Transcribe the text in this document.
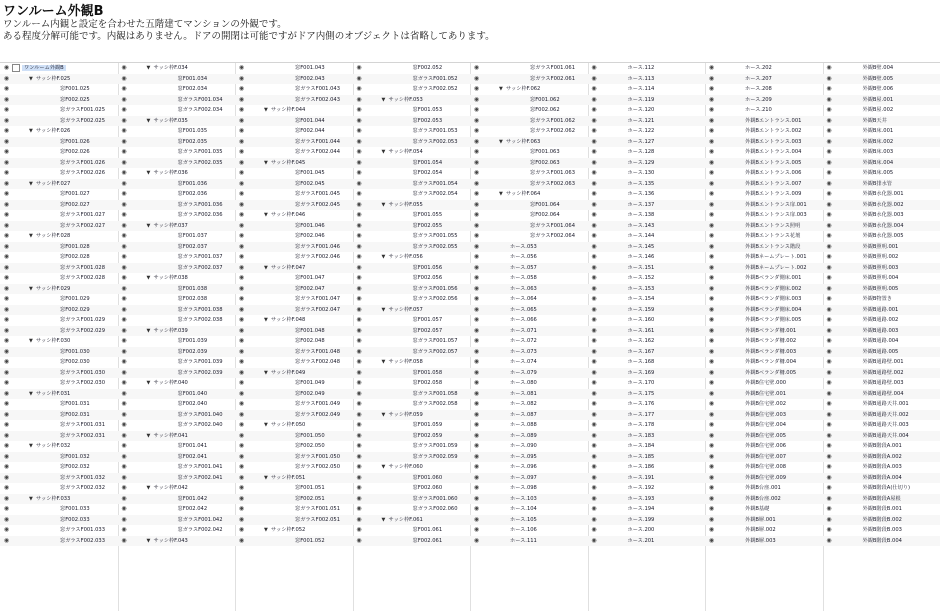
ワンルーム外観B
ワンルーム内観と設定を合わせた五階建てマンションの外観です。
ある程度分解可能です。内観はありません。ドアの開閉は可能ですがドア内側のオブジェクトは省略してあります。
◉	ワンルーム外観B
◉	▼ サッシ枠F.025
◉	窓F001.025
◉	窓F002.025
◉	窓ガラスF001.025
◉	窓ガラスF002.025
◉	▼ サッシ枠F.026
◉	窓F001.026
◉	窓F002.026
◉	窓ガラスF001.026
◉	窓ガラスF002.026
◉	▼ サッシ枠F.027
◉	窓F001.027
◉	窓F002.027
◉	窓ガラスF001.027
◉	窓ガラスF002.027
◉	▼ サッシ枠F.028
◉	窓F001.028
◉	窓F002.028
◉	窓ガラスF001.028
◉	窓ガラスF002.028
◉	▼ サッシ枠F.029
◉	窓F001.029
◉	窓F002.029
◉	窓ガラスF001.029
◉	窓ガラスF002.029
◉	▼ サッシ枠F.030
◉	窓F001.030
◉	窓F002.030
◉	窓ガラスF001.030
◉	窓ガラスF002.030
◉	▼ サッシ枠F.031
◉	窓F001.031
◉	窓F002.031
◉	窓ガラスF001.031
◉	窓ガラスF002.031
◉	▼ サッシ枠F.032
◉	窓F001.032
◉	窓F002.032
◉	窓ガラスF001.032
◉	窓ガラスF002.032
◉	▼ サッシ枠F.033
◉	窓F001.033
◉	窓F002.033
◉	窓ガラスF001.033
◉	窓ガラスF002.033
◉	▼ サッシ枠F.034
◉	窓F001.034
◉	窓F002.034
◉	窓ガラスF001.034
◉	窓ガラスF002.034
◉	▼ サッシ枠F.035
◉	窓F001.035
◉	窓F002.035
◉	窓ガラスF001.035
◉	窓ガラスF002.035
◉	▼ サッシ枠F.036
◉	窓F001.036
◉	窓F002.036
◉	窓ガラスF001.036
◉	窓ガラスF002.036
◉	▼ サッシ枠F.037
◉	窓F001.037
◉	窓F002.037
◉	窓ガラスF001.037
◉	窓ガラスF002.037
◉	▼ サッシ枠F.038
◉	窓F001.038
◉	窓F002.038
◉	窓ガラスF001.038
◉	窓ガラスF002.038
◉	▼ サッシ枠F.039
◉	窓F001.039
◉	窓F002.039
◉	窓ガラスF001.039
◉	窓ガラスF002.039
◉	▼ サッシ枠F.040
◉	窓F001.040
◉	窓F002.040
◉	窓ガラスF001.040
◉	窓ガラスF002.040
◉	▼ サッシ枠F.041
◉	窓F001.041
◉	窓F002.041
◉	窓ガラスF001.041
◉	窓ガラスF002.041
◉	▼ サッシ枠F.042
◉	窓F001.042
◉	窓F002.042
◉	窓ガラスF001.042
◉	窓ガラスF002.042
◉	▼ サッシ枠F.043
◉	窓F001.043
◉	窓F002.043
◉	窓ガラスF001.043
◉	窓ガラスF002.043
◉	▼ サッシ枠F.044
◉	窓F001.044
◉	窓F002.044
◉	窓ガラスF001.044
◉	窓ガラスF002.044
◉	▼ サッシ枠F.045
◉	窓F001.045
◉	窓F002.045
◉	窓ガラスF001.045
◉	窓ガラスF002.045
◉	▼ サッシ枠F.046
◉	窓F001.046
◉	窓F002.046
◉	窓ガラスF001.046
◉	窓ガラスF002.046
◉	▼ サッシ枠F.047
◉	窓F001.047
◉	窓F002.047
◉	窓ガラスF001.047
◉	窓ガラスF002.047
◉	▼ サッシ枠F.048
◉	窓F001.048
◉	窓F002.048
◉	窓ガラスF001.048
◉	窓ガラスF002.048
◉	▼ サッシ枠F.049
◉	窓F001.049
◉	窓F002.049
◉	窓ガラスF001.049
◉	窓ガラスF002.049
◉	▼ サッシ枠F.050
◉	窓F001.050
◉	窓F002.050
◉	窓ガラスF001.050
◉	窓ガラスF002.050
◉	▼ サッシ枠F.051
◉	窓F001.051
◉	窓F002.051
◉	窓ガラスF001.051
◉	窓ガラスF002.051
◉	▼ サッシ枠F.052
◉	窓F001.052
◉	窓F002.052
◉	窓ガラスF001.052
◉	窓ガラスF002.052
◉	▼ サッシ枠F.053
◉	窓F001.053
◉	窓F002.053
◉	窓ガラスF001.053
◉	窓ガラスF002.053
◉	▼ サッシ枠F.054
◉	窓F001.054
◉	窓F002.054
◉	窓ガラスF001.054
◉	窓ガラスF002.054
◉	▼ サッシ枠F.055
◉	窓F001.055
◉	窓F002.055
◉	窓ガラスF001.055
◉	窓ガラスF002.055
◉	▼ サッシ枠F.056
◉	窓F001.056
◉	窓F002.056
◉	窓ガラスF001.056
◉	窓ガラスF002.056
◉	▼ サッシ枠F.057
◉	窓F001.057
◉	窓F002.057
◉	窓ガラスF001.057
◉	窓ガラスF002.057
◉	▼ サッシ枠F.058
◉	窓F001.058
◉	窓F002.058
◉	窓ガラスF001.058
◉	窓ガラスF002.058
◉	▼ サッシ枠F.059
◉	窓F001.059
◉	窓F002.059
◉	窓ガラスF001.059
◉	窓ガラスF002.059
◉	▼ サッシ枠F.060
◉	窓F001.060
◉	窓F002.060
◉	窓ガラスF001.060
◉	窓ガラスF002.060
◉	▼ サッシ枠F.061
◉	窓F001.061
◉	窓F002.061
◉	窓ガラスF001.061
◉	窓ガラスF002.061
◉	▼ サッシ枠F.062
◉	窓F001.062
◉	窓F002.062
◉	窓ガラスF001.062
◉	窓ガラスF002.062
◉	▼ サッシ枠F.063
◉	窓F001.063
◉	窓F002.063
◉	窓ガラスF001.063
◉	窓ガラスF002.063
◉	▼ サッシ枠F.064
◉	窓F001.064
◉	窓F002.064
◉	窓ガラスF001.064
◉	窓ガラスF002.064
◉	ホース.053
◉	ホース.056
◉	ホース.057
◉	ホース.058
◉	ホース.063
◉	ホース.064
◉	ホース.065
◉	ホース.066
◉	ホース.071
◉	ホース.072
◉	ホース.073
◉	ホース.074
◉	ホース.079
◉	ホース.080
◉	ホース.081
◉	ホース.082
◉	ホース.087
◉	ホース.088
◉	ホース.089
◉	ホース.090
◉	ホース.095
◉	ホース.096
◉	ホース.097
◉	ホース.098
◉	ホース.103
◉	ホース.104
◉	ホース.105
◉	ホース.106
◉	ホース.111
◉	ホース.112
◉	ホース.113
◉	ホース.114
◉	ホース.119
◉	ホース.120
◉	ホース.121
◉	ホース.122
◉	ホース.127
◉	ホース.128
◉	ホース.129
◉	ホース.130
◉	ホース.135
◉	ホース.136
◉	ホース.137
◉	ホース.138
◉	ホース.143
◉	ホース.144
◉	ホース.145
◉	ホース.146
◉	ホース.151
◉	ホース.152
◉	ホース.153
◉	ホース.154
◉	ホース.159
◉	ホース.160
◉	ホース.161
◉	ホース.162
◉	ホース.167
◉	ホース.168
◉	ホース.169
◉	ホース.170
◉	ホース.175
◉	ホース.176
◉	ホース.177
◉	ホース.178
◉	ホース.183
◉	ホース.184
◉	ホース.185
◉	ホース.186
◉	ホース.191
◉	ホース.192
◉	ホース.193
◉	ホース.194
◉	ホース.199
◉	ホース.200
◉	ホース.201
◉	ホース.202
◉	ホース.207
◉	ホース.208
◉	ホース.209
◉	ホース.210
◉	外観Bエントランス.001
◉	外観Bエントランス.002
◉	外観Bエントランス.003
◉	外観Bエントランス.004
◉	外観Bエントランス.005
◉	外観Bエントランス.006
◉	外観Bエントランス.007
◉	外観Bエントランス.009
◉	外観Bエントランス扉.001
◉	外観Bエントランス扉.003
◉	外観Bエントランス照明
◉	外観Bエントランス花壇
◉	外観Bエントランス階段
◉	外観Bネームプレート.001
◉	外観Bネームプレート.002
◉	外観Bベランダ側床.001
◉	外観Bベランダ側床.002
◉	外観Bベランダ側床.003
◉	外観Bベランダ側床.004
◉	外観Bベランダ側床.005
◉	外観Bベランダ柵.001
◉	外観Bベランダ柵.002
◉	外観Bベランダ柵.003
◉	外観Bベランダ柵.004
◉	外観Bベランダ柵.005
◉	外観B住宅壁.000
◉	外観B住宅壁.001
◉	外観B住宅壁.002
◉	外観B住宅壁.003
◉	外観B住宅壁.004
◉	外観B住宅壁.005
◉	外観B住宅壁.006
◉	外観B住宅壁.007
◉	外観B住宅壁.008
◉	外観B住宅壁.009
◉	外観B台座.001
◉	外観B台座.002
◉	外観B基礎
◉	外観B塀.001
◉	外観B塀.002
◉	外観B塀.003
◉	外観B壁.004
◉	外観B壁.005
◉	外観B壁.006
◉	外観B屋.001
◉	外観B屋.002
◉	外観B天井
◉	外観B床.001
◉	外観B床.002
◉	外観B床.003
◉	外観B床.004
◉	外観B床.005
◉	外観B排水管
◉	外観B水化器.001
◉	外観B水化器.002
◉	外観B水化器.003
◉	外観B水化器.004
◉	外観B水化器.005
◉	外観B照明.001
◉	外観B照明.002
◉	外観B照明.003
◉	外観B照明.004
◉	外観B照明.005
◉	外観B物置き
◉	外観B通路.001
◉	外観B通路.002
◉	外観B通路.003
◉	外観B通路.004
◉	外観B通路.005
◉	外観B通路壁.001
◉	外観B通路壁.002
◉	外観B通路壁.003
◉	外観B通路壁.004
◉	外観B通路天井.001
◉	外観B通路天井.002
◉	外観B通路天井.003
◉	外観B通路天井.004
◉	外観B階段A.001
◉	外観B階段A.002
◉	外観B階段A.003
◉	外観B階段A.004
◉	外観B階段A(仕切り)
◉	外観B階段A屋根
◉	外観B階段B.001
◉	外観B階段B.002
◉	外観B階段B.003
◉	外観B階段B.004
